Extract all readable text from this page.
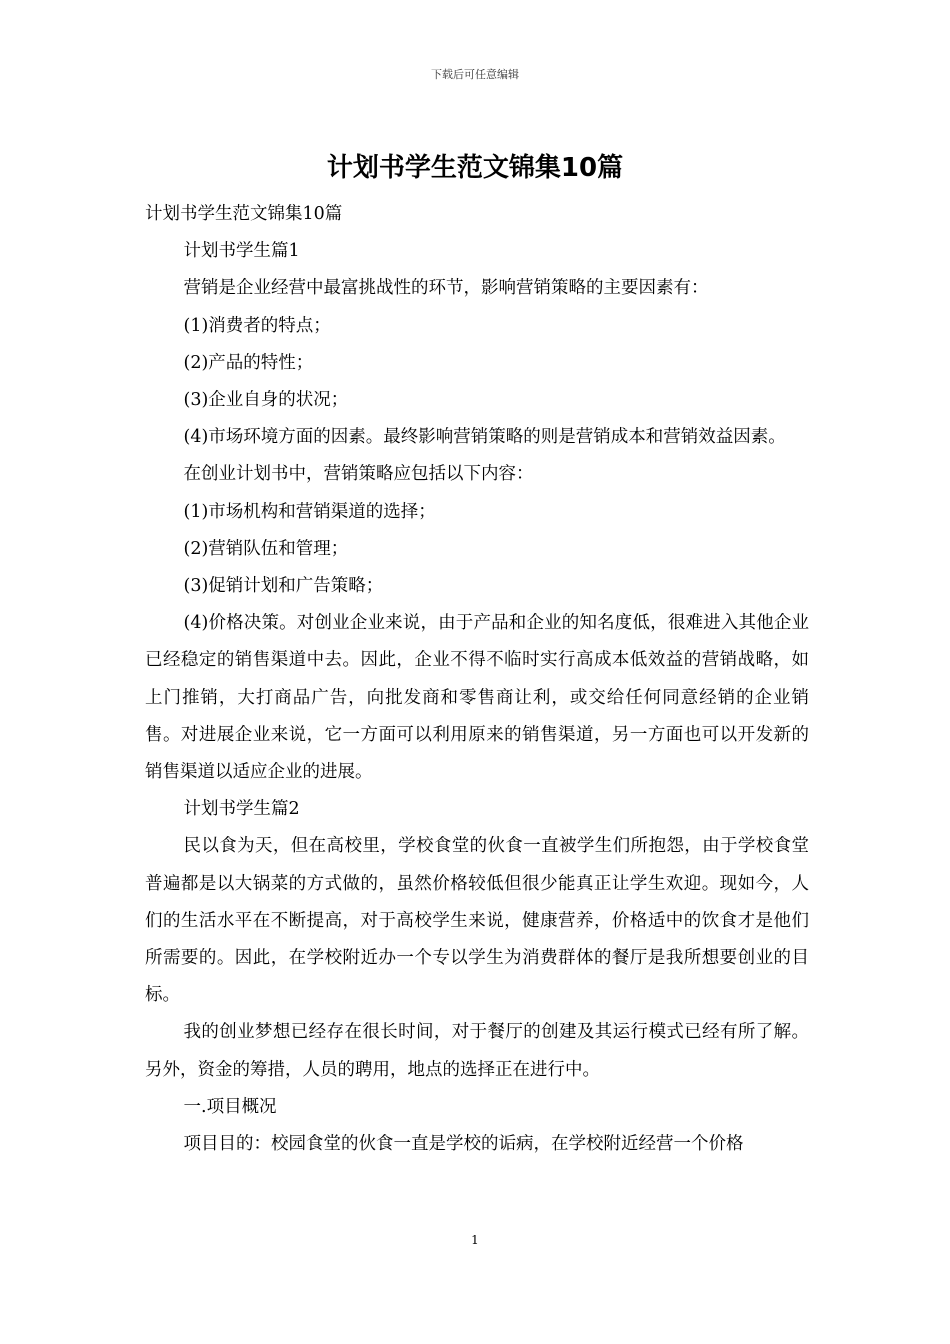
下载后可任意编辑
计划书学生范文锦集10篇

计划书学生范文锦集10篇

计划书学生篇1

营销是企业经营中最富挑战性的环节，影响营销策略的主要因素有：

(1)消费者的特点；

(2)产品的特性；

(3)企业自身的状况；

(4)市场环境方面的因素。最终影响营销策略的则是营销成本和营销效益因素。

在创业计划书中，营销策略应包括以下内容：

(1)市场机构和营销渠道的选择；

(2)营销队伍和管理；

(3)促销计划和广告策略；

(4)价格决策。对创业企业来说，由于产品和企业的知名度低，很难进入其他企业已经稳定的销售渠道中去。因此，企业不得不临时实行高成本低效益的营销战略，如上门推销，大打商品广告，向批发商和零售商让利，或交给任何同意经销的企业销售。对进展企业来说，它一方面可以利用原来的销售渠道，另一方面也可以开发新的销售渠道以适应企业的进展。

计划书学生篇2

民以食为天，但在高校里，学校食堂的伙食一直被学生们所抱怨，由于学校食堂普遍都是以大锅菜的方式做的，虽然价格较低但很少能真正让学生欢迎。现如今，人们的生活水平在不断提高，对于高校学生来说，健康营养，价格适中的饮食才是他们所需要的。因此，在学校附近办一个专以学生为消费群体的餐厅是我所想要创业的目标。

我的创业梦想已经存在很长时间，对于餐厅的创建及其运行模式已经有所了解。另外，资金的筹措，人员的聘用，地点的选择正在进行中。

一.项目概况

项目目的：校园食堂的伙食一直是学校的诟病，在学校附近经营一个价格

1
